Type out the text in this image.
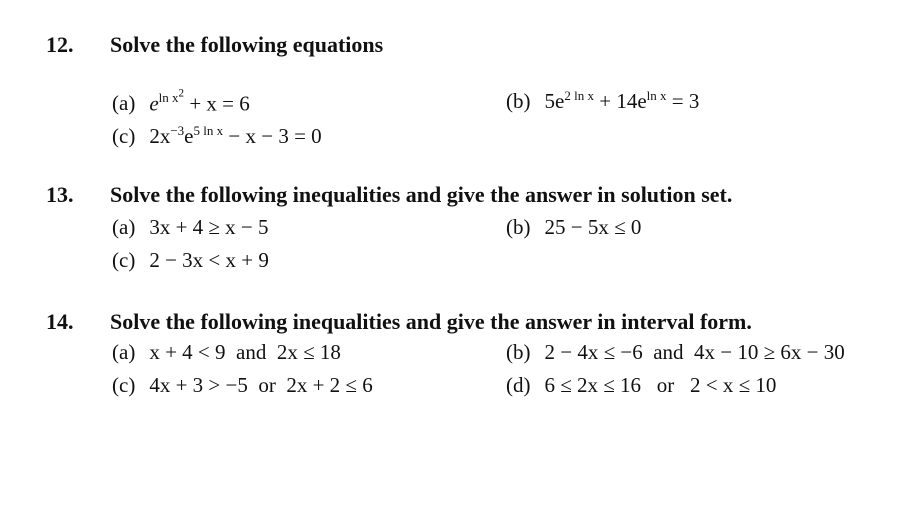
12. Solve the following equations
(a) $e^{ln x^2} + x = 6$	(b) $5e^{2 ln x} + 14e^{ln x} = 3$
(c) $2x^{-3}e^{5 ln x} - x - 3 = 0$
13. Solve the following inequalities and give the answer in solution set.
(a) 3x + 4 ≥ x − 5	(b) 25 − 5x ≤ 0
(c) 2 − 3x < x + 9
14. Solve the following inequalities and give the answer in interval form.
(a) x + 4 < 9  and  2x ≤ 18	(b) 2 − 4x ≤ −6  and  4x − 10 ≥ 6x − 30
(c) 4x + 3 > −5  or  2x + 2 ≤ 6	(d) 6 ≤ 2x ≤ 16   or   2 < x ≤ 10
